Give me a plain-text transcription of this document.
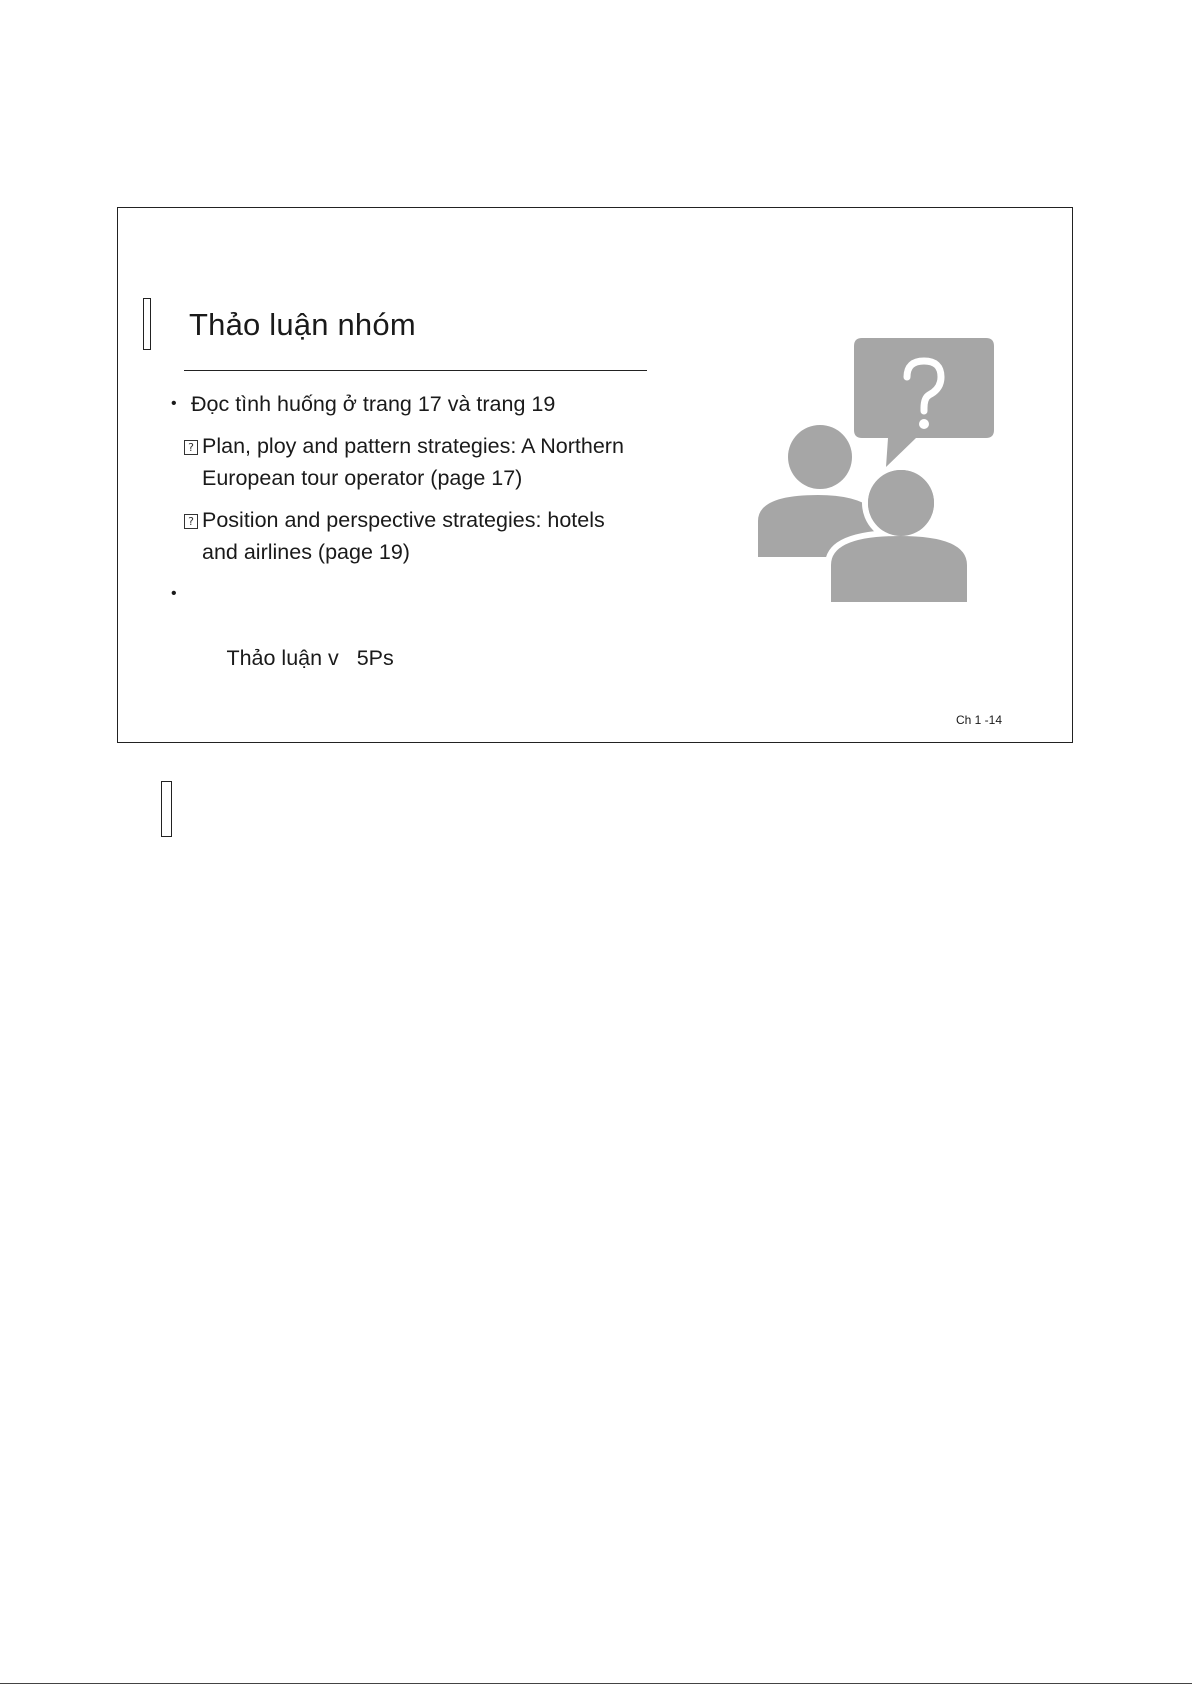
Thảo luận nhóm
• Đọc tình huống ở trang 17 và trang 19
? Plan, ploy and pattern strategies: A Northern European tour operator (page 17)
? Position and perspective strategies: hotels and airlines (page 19)

•

Thảo luận v   5Ps

Ch 1 -14
